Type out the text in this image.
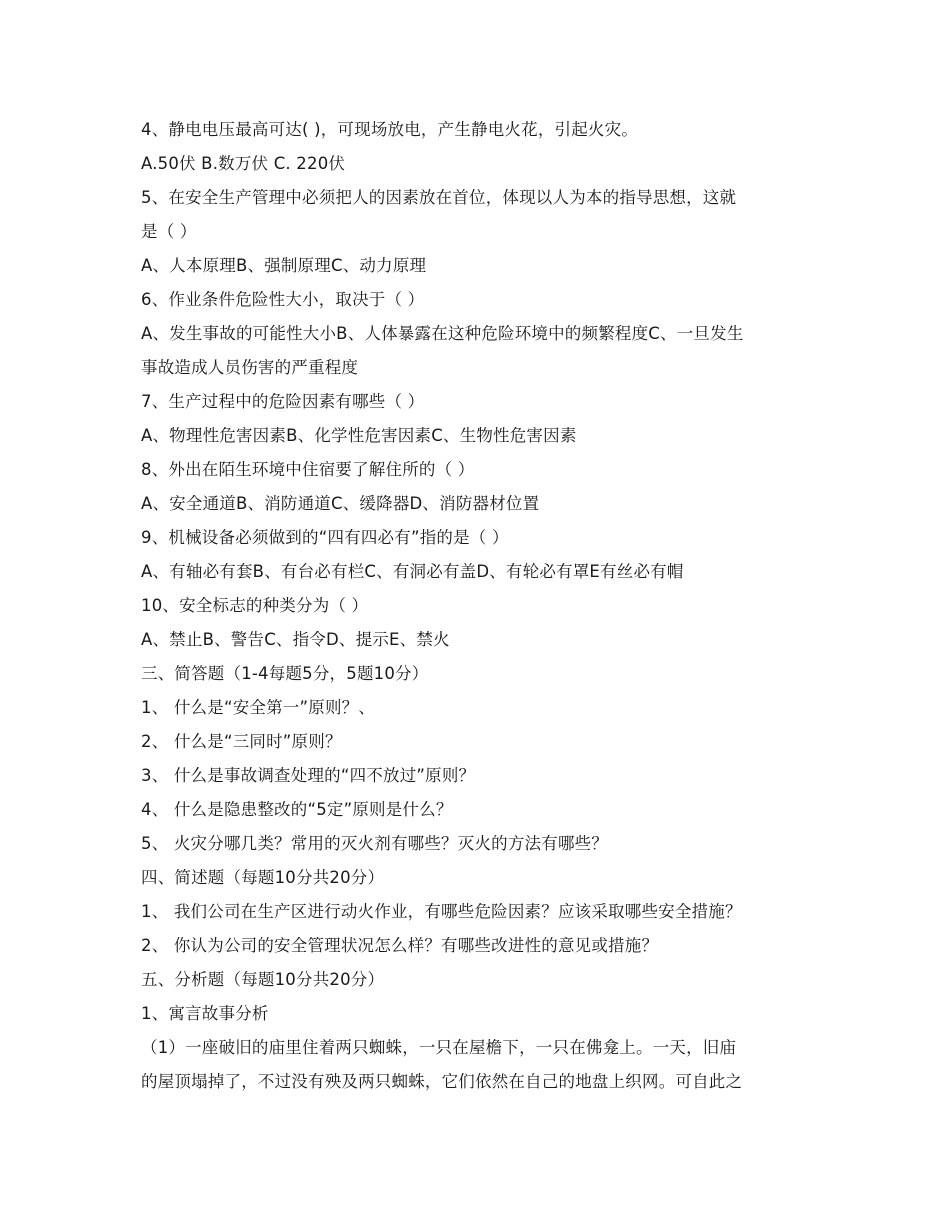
4、静电电压最高可达( )，可现场放电，产生静电火花，引起火灾。

A.50伏 B.数万伏 C. 220伏

5、在安全生产管理中必须把人的因素放在首位，体现以人为本的指导思想，这就

是（ ）

A、人本原理B、强制原理C、动力原理

6、作业条件危险性大小，取决于（ ）

A、发生事故的可能性大小B、人体暴露在这种危险环境中的频繁程度C、一旦发生

事故造成人员伤害的严重程度

7、生产过程中的危险因素有哪些（ ）

A、物理性危害因素B、化学性危害因素C、生物性危害因素

8、外出在陌生环境中住宿要了解住所的（ ）

A、安全通道B、消防通道C、缓降器D、消防器材位置

9、机械设备必须做到的“四有四必有”指的是（ ）

A、有轴必有套B、有台必有栏C、有洞必有盖D、有轮必有罩E有丝必有帽

10、安全标志的种类分为（ ）

A、禁止B、警告C、指令D、提示E、禁火

三、简答题（1-4每题5分，5题10分）

1、 什么是“安全第一”原则？、

2、 什么是“三同时”原则？

3、 什么是事故调查处理的“四不放过”原则？

4、 什么是隐患整改的“5定”原则是什么？

5、 火灾分哪几类？常用的灭火剂有哪些？灭火的方法有哪些？

四、简述题（每题10分共20分）

1、 我们公司在生产区进行动火作业，有哪些危险因素？应该采取哪些安全措施？

2、 你认为公司的安全管理状况怎么样？有哪些改进性的意见或措施？

五、分析题（每题10分共20分）

1、寓言故事分析

（1）一座破旧的庙里住着两只蜘蛛，一只在屋檐下，一只在佛龛上。一天，旧庙

的屋顶塌掉了，不过没有殃及两只蜘蛛，它们依然在自己的地盘上织网。可自此之
